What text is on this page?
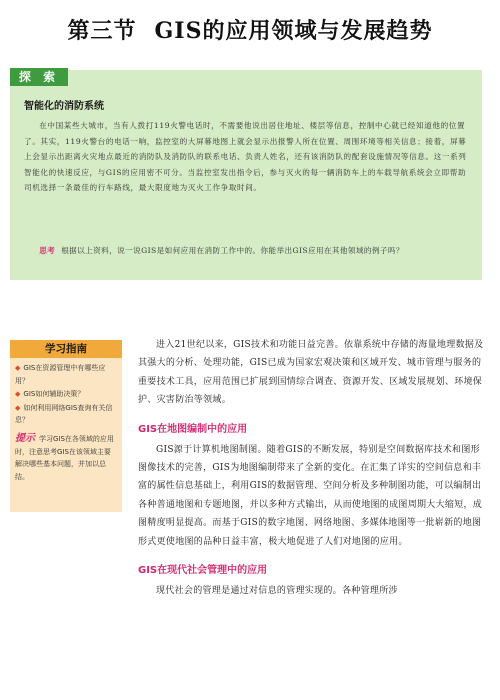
第三节 GIS的应用领域与发展趋势
探 索
智能化的消防系统

在中国某些大城市，当有人拨打119火警电话时，不需要他说出居住地址、楼层等信息，控制中心就已经知道他的位置了。其实，119火警台的电话一响，监控室的大屏幕地图上就会显示出报警人所在位置、周围环境等相关信息；接着，屏幕上会显示出距离火灾地点最近的消防队及消防队的联系电话、负责人姓名，还有该消防队的配套设施情况等信息。这一系列智能化的快速反应，与GIS的应用密不可分。当监控室发出指令后，参与灭火的每一辆消防车上的车载导航系统会立即帮助司机选择一条最佳的行车路线，最大限度地为灭火工作争取时间。

思考 根据以上资料，说一说GIS是如何应用在消防工作中的。你能举出GIS应用在其他领域的例子吗？

学习指南
◆ GIS在资源管理中有哪些应用？
◆ GIS如何辅助决策？
◆ 如何利用网络GIS查询有关信息？
提示 学习GIS在各领域的应用时，注意思考GIS在该领域主要解决哪些基本问题，并加以总结。

进入21世纪以来，GIS技术和功能日益完善。依靠系统中存储的海量地理数据及其强大的分析、处理功能，GIS已成为国家宏观决策和区域开发、城市管理与服务的重要技术工具，应用范围已扩展到国情综合调查、资源开发、区域发展规划、环境保护、灾害防治等领域。

GIS在地图编制中的应用

GIS源于计算机地图制图。随着GIS的不断发展，特别是空间数据库技术和图形图像技术的完善，GIS为地图编制带来了全新的变化。在汇集了详实的空间信息和丰富的属性信息基础上，利用GIS的数据管理、空间分析及多种制图功能，可以编制出各种普通地图和专题地图，并以多种方式输出，从而使地图的成图周期大大缩短，成图精度明显提高。而基于GIS的数字地图、网络地图、多媒体地图等一批崭新的地图形式更使地图的品种日益丰富，极大地促进了人们对地图的应用。

GIS在现代社会管理中的应用

现代社会的管理是通过对信息的管理实现的。各种管理所涉
